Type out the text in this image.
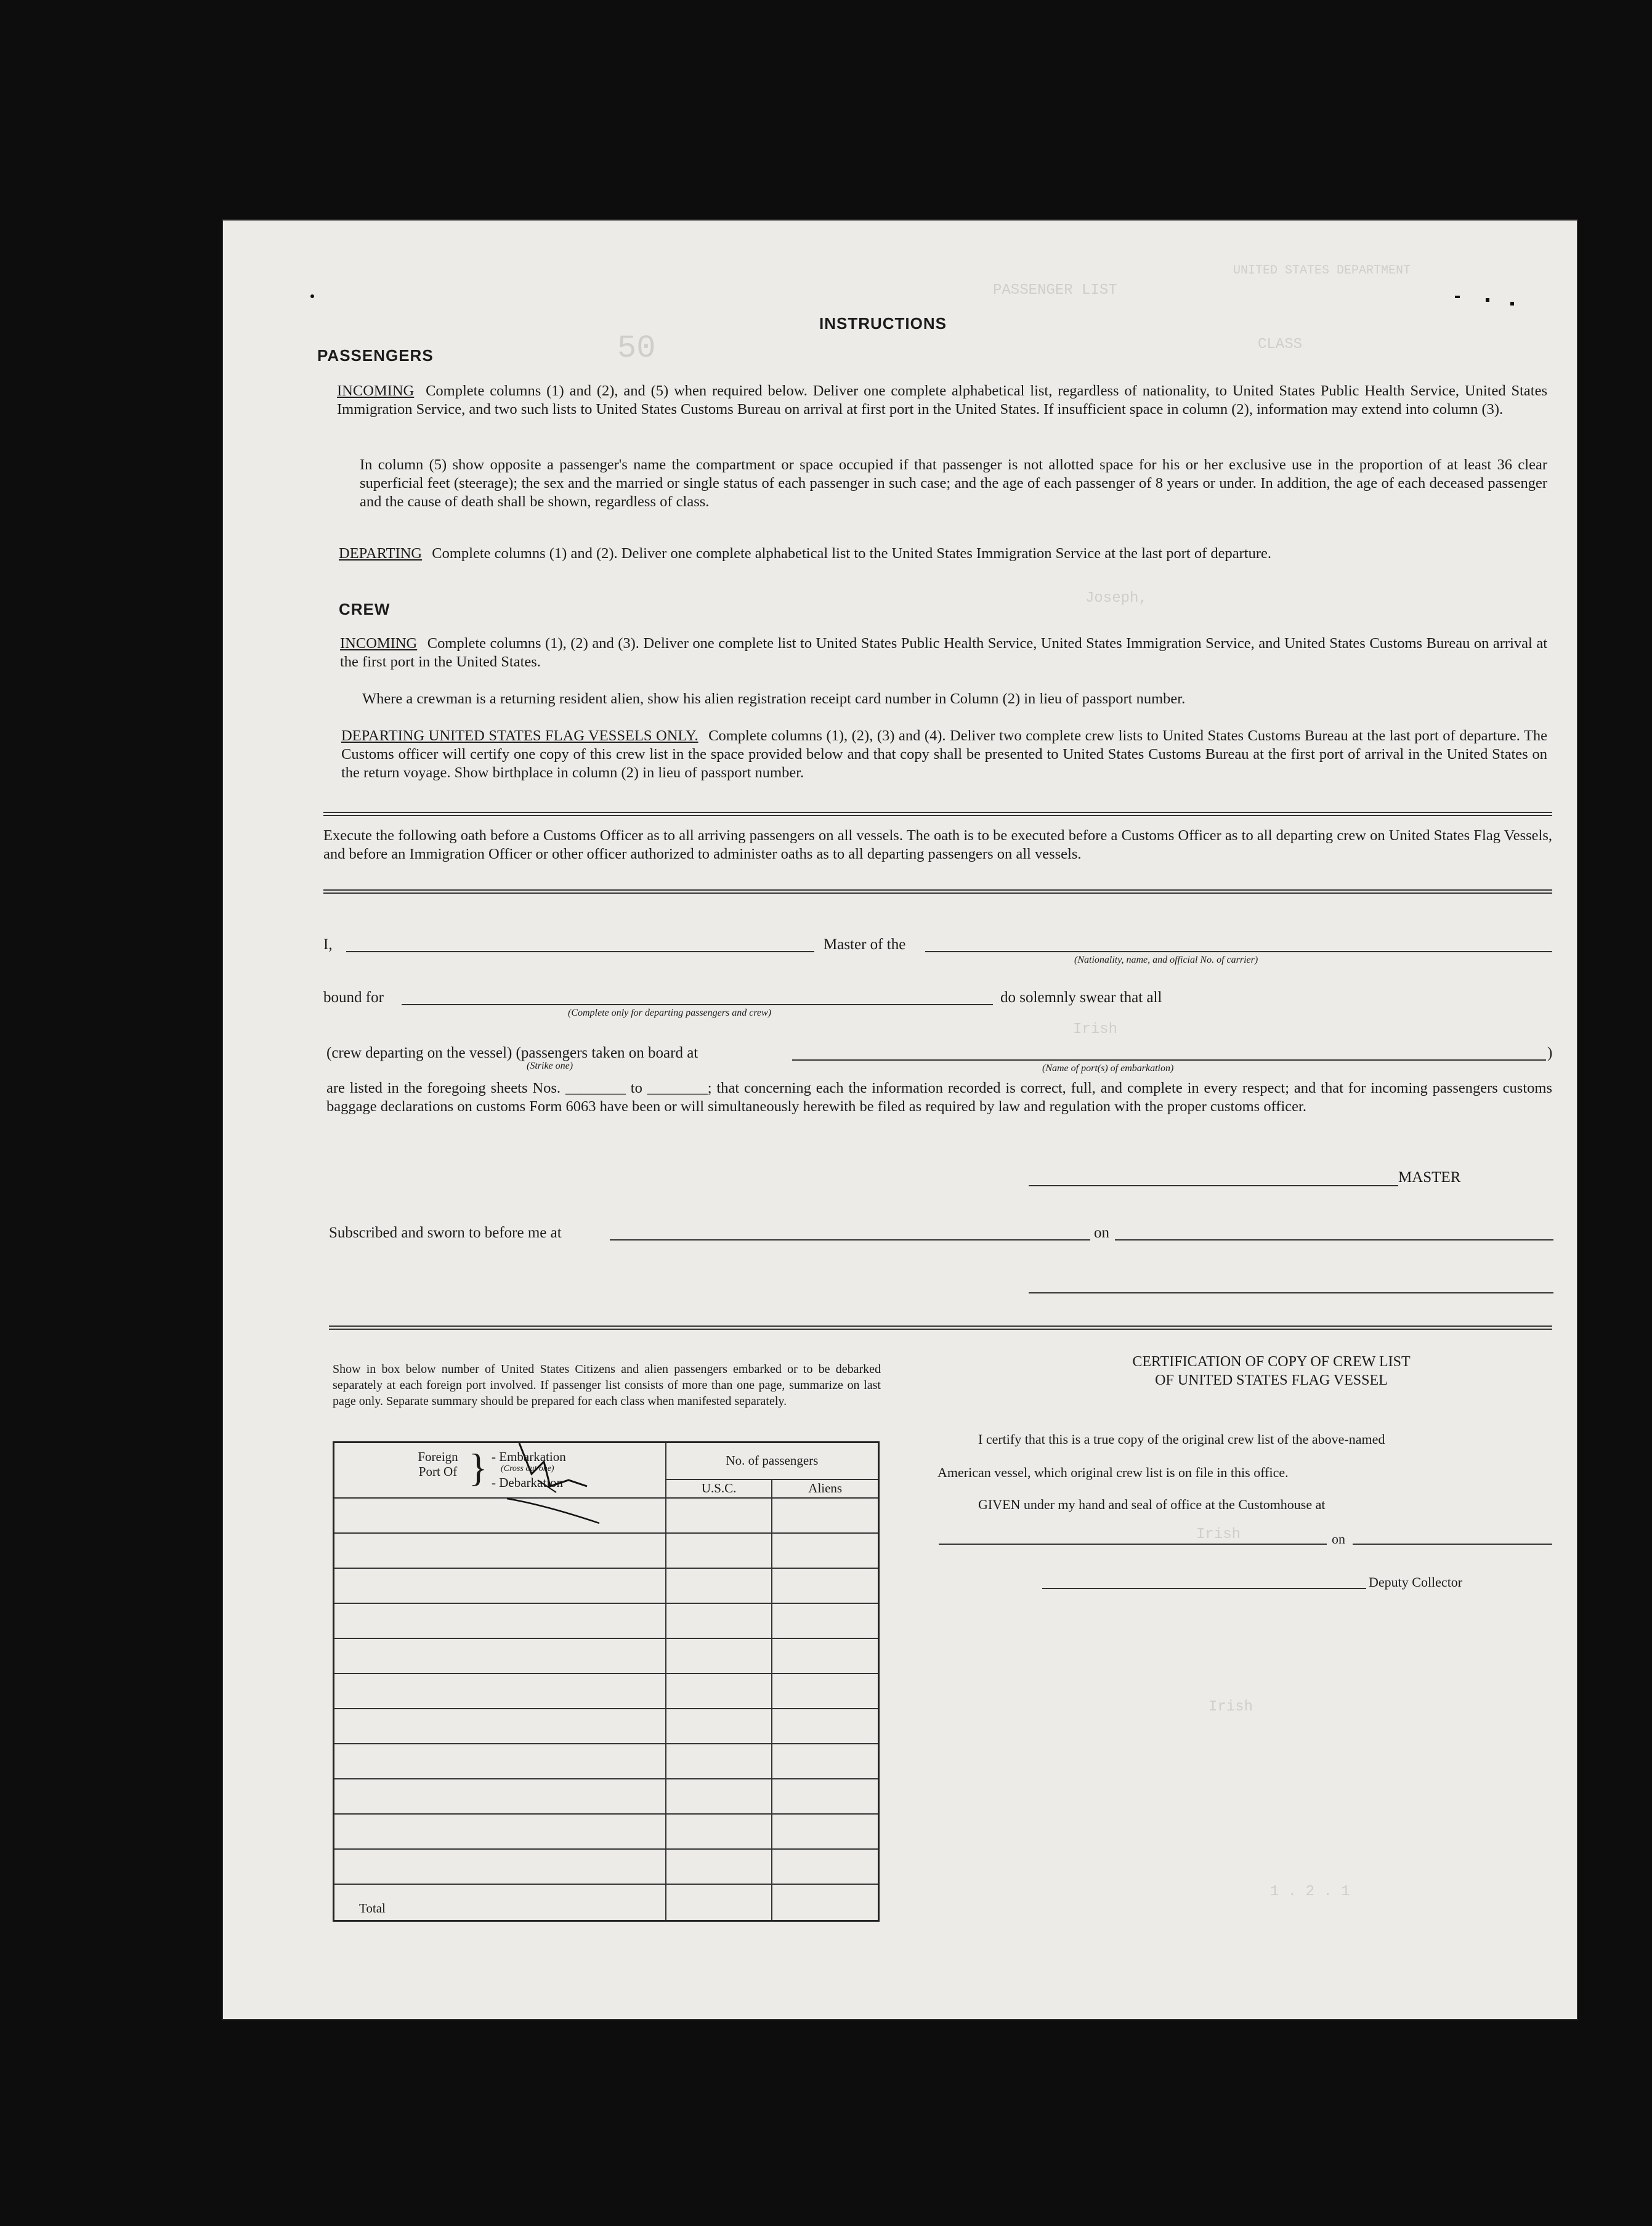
PASSENGER LIST
UNITED STATES DEPARTMENT
CLASS
50
Joseph,
Irish
Irish
Irish
1 . 2 . 1
INSTRUCTIONS
PASSENGERS
INCOMING Complete columns (1) and (2), and (5) when required below. Deliver one complete alphabetical list, regardless of nationality, to United States Public Health Service, United States Immigration Service, and two such lists to United States Customs Bureau on arrival at first port in the United States. If insufficient space in column (2), information may extend into column (3).
In column (5) show opposite a passenger's name the compartment or space occupied if that passenger is not allotted space for his or her exclusive use in the proportion of at least 36 clear superficial feet (steerage); the sex and the married or single status of each passenger in such case; and the age of each passenger of 8 years or under. In addition, the age of each deceased passenger and the cause of death shall be shown, regardless of class.
DEPARTING Complete columns (1) and (2). Deliver one complete alphabetical list to the United States Immigration Service at the last port of departure.
CREW
INCOMING Complete columns (1), (2) and (3). Deliver one complete list to United States Public Health Service, United States Immigration Service, and United States Customs Bureau on arrival at the first port in the United States.
Where a crewman is a returning resident alien, show his alien registration receipt card number in Column (2) in lieu of passport number.
DEPARTING UNITED STATES FLAG VESSELS ONLY. Complete columns (1), (2), (3) and (4). Deliver two complete crew lists to United States Customs Bureau at the last port of departure. The Customs officer will certify one copy of this crew list in the space provided below and that copy shall be presented to United States Customs Bureau at the first port of arrival in the United States on the return voyage. Show birthplace in column (2) in lieu of passport number.
Execute the following oath before a Customs Officer as to all arriving passengers on all vessels. The oath is to be executed before a Customs Officer as to all departing crew on United States Flag Vessels, and before an Immigration Officer or other officer authorized to administer oaths as to all departing passengers on all vessels.
I,	Master of the
(Nationality, name, and official No. of carrier)
bound for
(Complete only for departing passengers and crew)
do solemnly swear that all
(crew departing on the vessel) (passengers taken on board at
(Strike one)
)
(Name of port(s) of embarkation)
are listed in the foregoing sheets Nos. ________ to ________; that concerning each the information recorded is correct, full, and complete in every respect; and that for incoming passengers customs baggage declarations on customs Form 6063 have been or will simultaneously herewith be filed as required by law and regulation with the proper customs officer.
MASTER
Subscribed and sworn to before me at	on
Show in box below number of United States Citizens and alien passengers embarked or to be debarked separately at each foreign port involved. If passenger list consists of more than one page, summarize on last page only. Separate summary should be prepared for each class when manifested separately.
Foreign Port Of } - Embarkation
(Cross out one)
- Debarkation	No. of passengers	
	U.S.C.	Aliens

Total		
CERTIFICATION OF COPY OF CREW LIST
OF UNITED STATES FLAG VESSEL
I certify that this is a true copy of the original crew list of the above-named
American vessel, which original crew list is on file in this office.
GIVEN under my hand and seal of office at the Customhouse at
on
Deputy Collector
